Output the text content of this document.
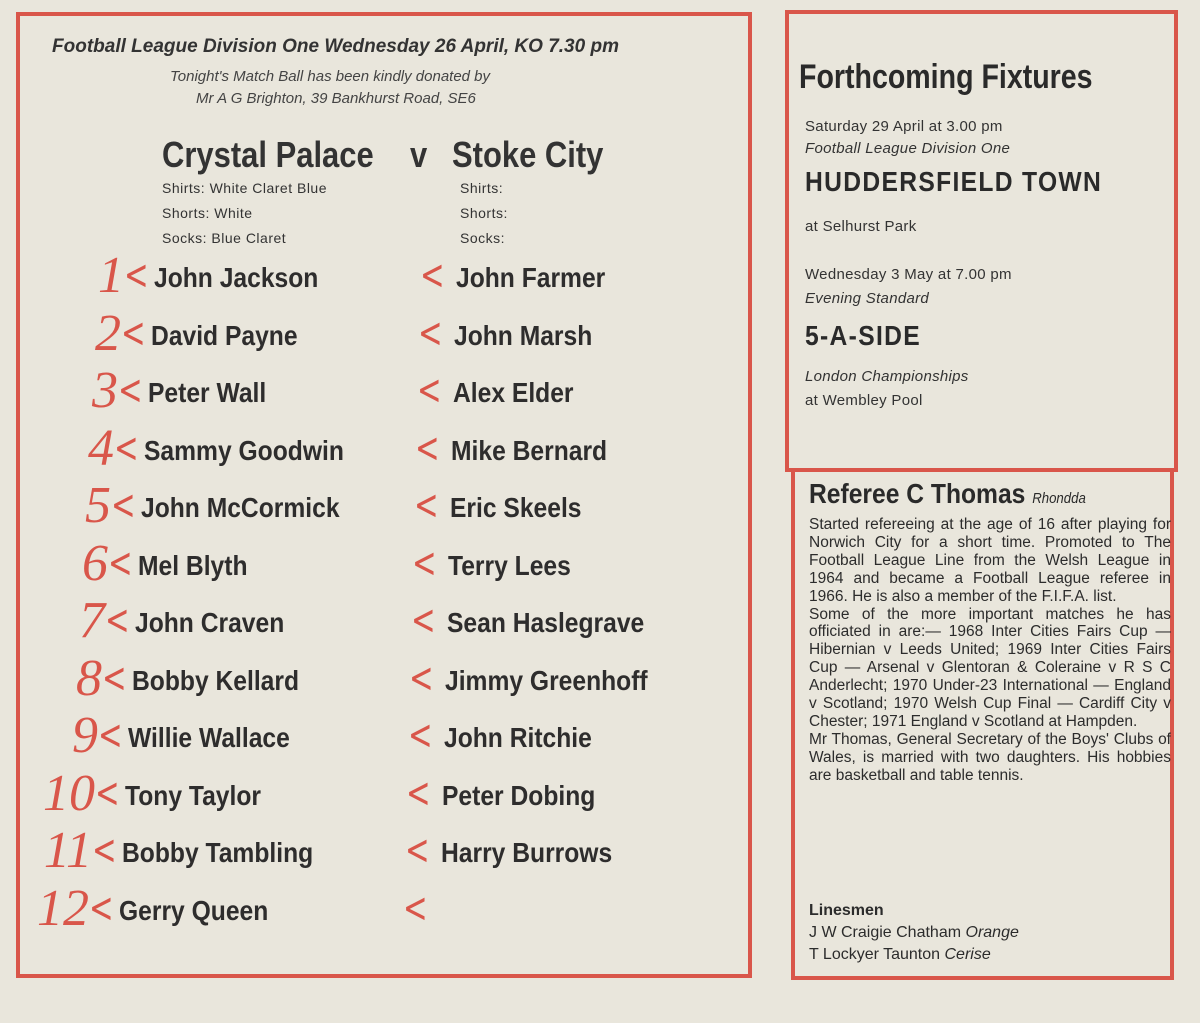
Football League Division One Wednesday 26 April, KO 7.30 pm
Tonight's Match Ball has been kindly donated by
Mr A G Brighton, 39 Bankhurst Road, SE6
Crystal Palace v Stoke City
Shirts: White Claret Blue
Shorts: White
Socks: Blue Claret
Shirts:
Shorts:
Socks:
1 < John Jackson < John Farmer
2 < David Payne	< John Marsh
3 < Peter Wall	< Alex Elder
4 < Sammy Goodwin < Mike Bernard
5 < John McCormick < Eric Skeels
6 < Mel Blyth	< Terry Lees
7 < John Craven	< Sean Haslegrave
8 < Bobby Kellard	< Jimmy Greenhoff
9 < Willie Wallace	< John Ritchie
10 < Tony Taylor	< Peter Dobing
11 < Bobby Tambling < Harry Burrows
12 < Gerry Queen	<
Forthcoming Fixtures
Saturday 29 April at 3.00 pm
Football League Division One
HUDDERSFIELD TOWN
at Selhurst Park
Wednesday 3 May at 7.00 pm
Evening Standard
5-A-SIDE
London Championships
at Wembley Pool
Referee C Thomas Rhondda

Started refereeing at the age of 16 after playing for Norwich City for a short time. Promoted to The Football League Line from the Welsh League in 1964 and became a Football League referee in 1966. He is also a member of the F.I.F.A. list.

Some of the more important matches he has officiated in are:— 1968 Inter Cities Fairs Cup — Hibernian v Leeds United; 1969 Inter Cities Fairs Cup — Arsenal v Glentoran & Coleraine v R S C Anderlecht; 1970 Under-23 International — England v Scotland; 1970 Welsh Cup Final — Cardiff City v Chester; 1971 England v Scotland at Hampden.

Mr Thomas, General Secretary of the Boys' Clubs of Wales, is married with two daughters. His hobbies are basketball and table tennis.

Linesmen
J W Craigie Chatham Orange
T Lockyer Taunton Cerise
